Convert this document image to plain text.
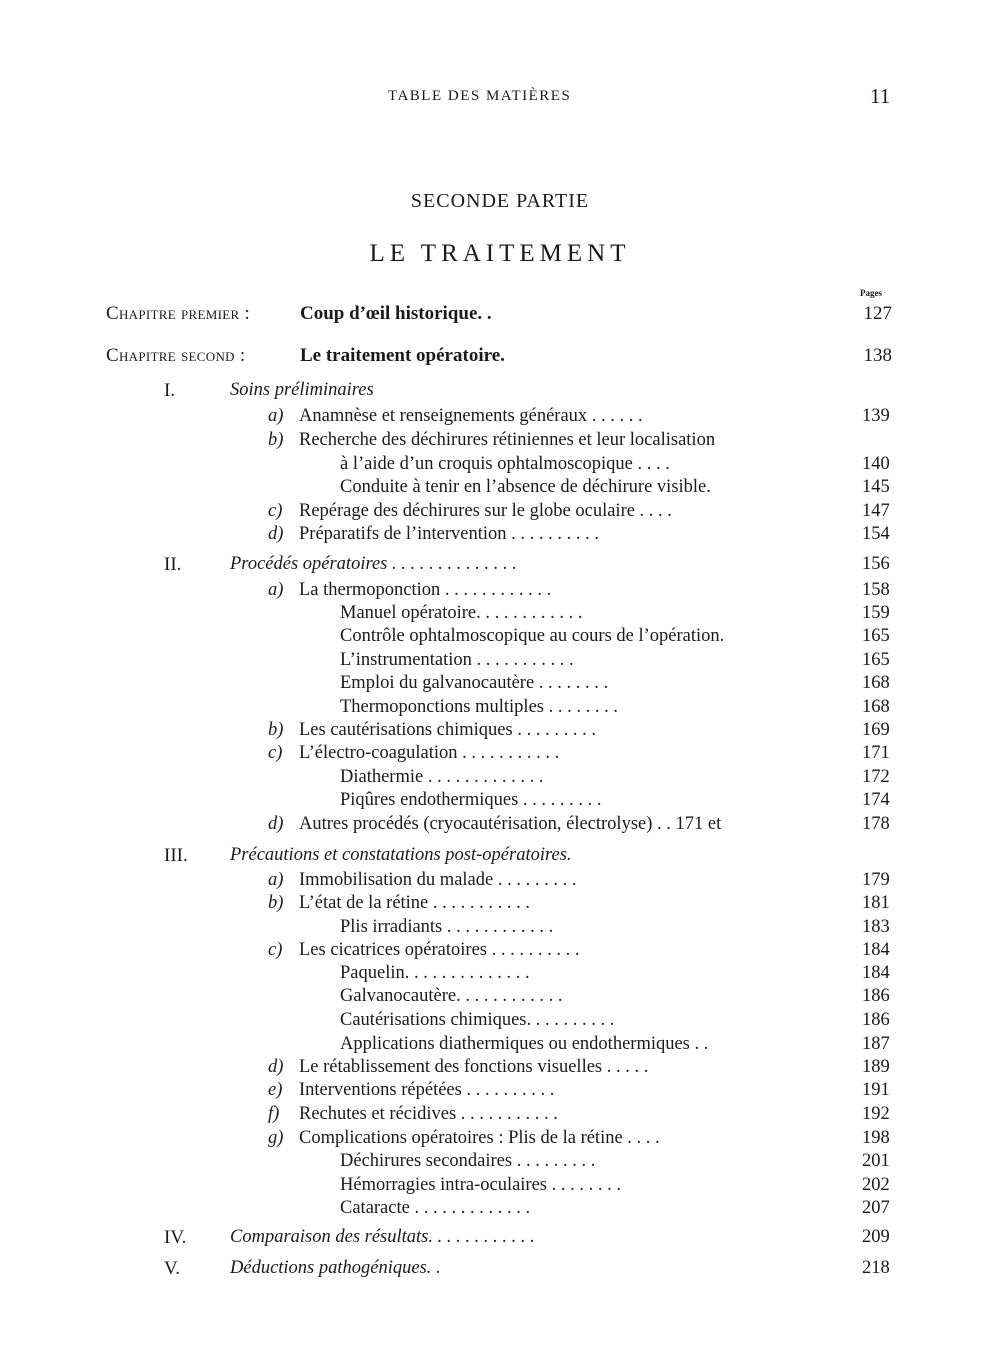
TABLE DES MATIÈRES	11
SECONDE PARTIE
LE TRAITEMENT
Pages
Chapitre premier :	Coup d’œil historique. .	127
Chapitre second :	Le traitement opératoire.	138
I.	Soins préliminaires
a) Anamnèse et renseignements généraux . . . . . .	139
b) Recherche des déchirures rétiniennes et leur localisation
à l’aide d’un croquis ophtalmoscopique . . . .	140
Conduite à tenir en l’absence de déchirure visible.	145
c) Repérage des déchirures sur le globe oculaire . . . .	147
d) Préparatifs de l’intervention . . . . . . . . . .	154
II.	Procédés opératoires . . . . . . . . . . . . . .	156
a) La thermoponction . . . . . . . . . . . .	158
Manuel opératoire. . . . . . . . . . . .	159
Contrôle ophtalmoscopique au cours de l’opération.	165
L’instrumentation . . . . . . . . . . .	165
Emploi du galvanocautère . . . . . . . .	168
Thermoponctions multiples . . . . . . . .	168
b) Les cautérisations chimiques . . . . . . . . .	169
c) L’électro-coagulation . . . . . . . . . . .	171
Diathermie . . . . . . . . . . . . .	172
Piqûres endothermiques . . . . . . . . .	174
d) Autres procédés (cryocautérisation, électrolyse) . . 171 et	178
III. Précautions et constatations post-opératoires.
a) Immobilisation du malade . . . . . . . . .	179
b) L’état de la rétine . . . . . . . . . . .	181
Plis irradiants . . . . . . . . . . . .	183
c) Les cicatrices opératoires . . . . . . . . . .	184
Paquelin. . . . . . . . . . . . . .	184
Galvanocautère. . . . . . . . . . . .	186
Cautérisations chimiques. . . . . . . . . .	186
Applications diathermiques ou endothermiques . .	187
d) Le rétablissement des fonctions visuelles . . . . .	189
e) Interventions répétées . . . . . . . . . .	191
f) Rechutes et récidives . . . . . . . . . . .	192
g) Complications opératoires : Plis de la rétine . . . .	198
Déchirures secondaires . . . . . . . . .	201
Hémorragies intra-oculaires . . . . . . . .	202
Cataracte . . . . . . . . . . . . .	207
IV. Comparaison des résultats. . . . . . . . . . . .	209
V.	Déductions pathogéniques. .	218
